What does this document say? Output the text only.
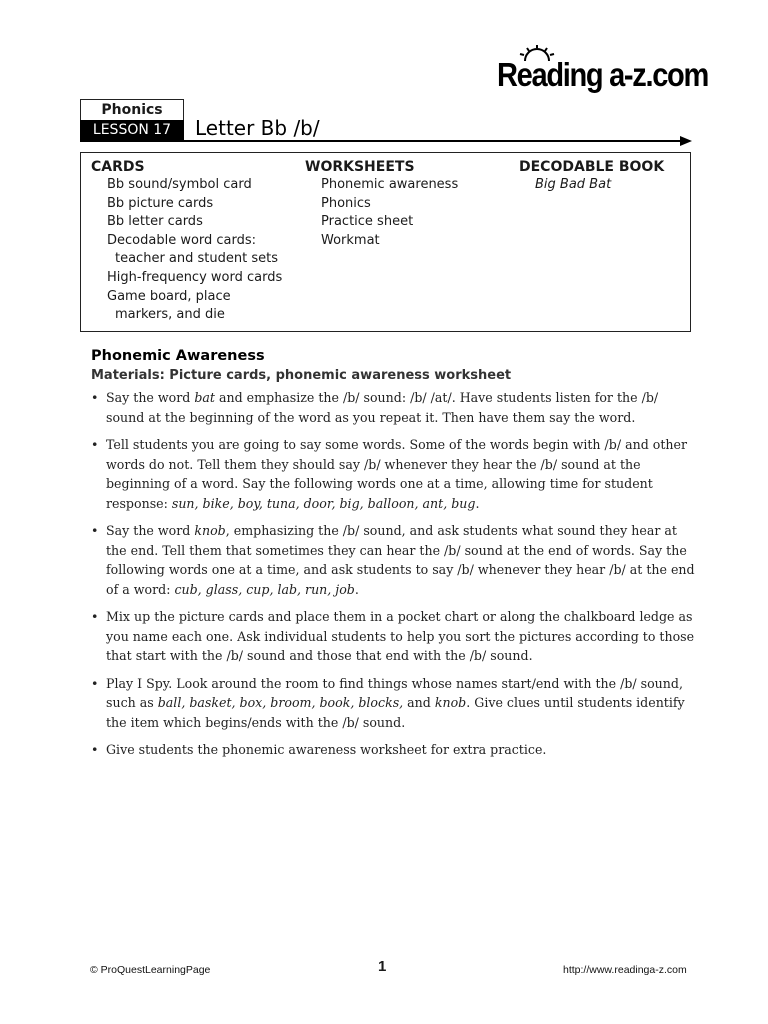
Reading a-z.com
Phonics
LESSON 17	Letter Bb /b/
CARDS
Bb sound/symbol card
Bb picture cards
Bb letter cards
Decodable word cards:
teacher and student sets
High-frequency word cards
Game board, place
markers, and die
WORKSHEETS
Phonemic awareness
Phonics
Practice sheet
Workmat
DECODABLE BOOK
Big Bad Bat
Phonemic Awareness
Materials: Picture cards, phonemic awareness worksheet
• Say the word bat and emphasize the /b/ sound: /b/ /at/. Have students listen for the /b/ sound at the beginning of the word as you repeat it. Then have them say the word.
• Tell students you are going to say some words. Some of the words begin with /b/ and other words do not. Tell them they should say /b/ whenever they hear the /b/ sound at the beginning of a word. Say the following words one at a time, allowing time for student response: sun, bike, boy, tuna, door, big, balloon, ant, bug.
• Say the word knob, emphasizing the /b/ sound, and ask students what sound they hear at the end. Tell them that sometimes they can hear the /b/ sound at the end of words. Say the following words one at a time, and ask students to say /b/ whenever they hear /b/ at the end of a word: cub, glass, cup, lab, run, job.
• Mix up the picture cards and place them in a pocket chart or along the chalkboard ledge as you name each one. Ask individual students to help you sort the pictures according to those that start with the /b/ sound and those that end with the /b/ sound.
• Play I Spy. Look around the room to find things whose names start/end with the /b/ sound, such as ball, basket, box, broom, book, blocks, and knob. Give clues until students identify the item which begins/ends with the /b/ sound.
• Give students the phonemic awareness worksheet for extra practice.
© ProQuestLearningPage	1	http://www.readinga-z.com
